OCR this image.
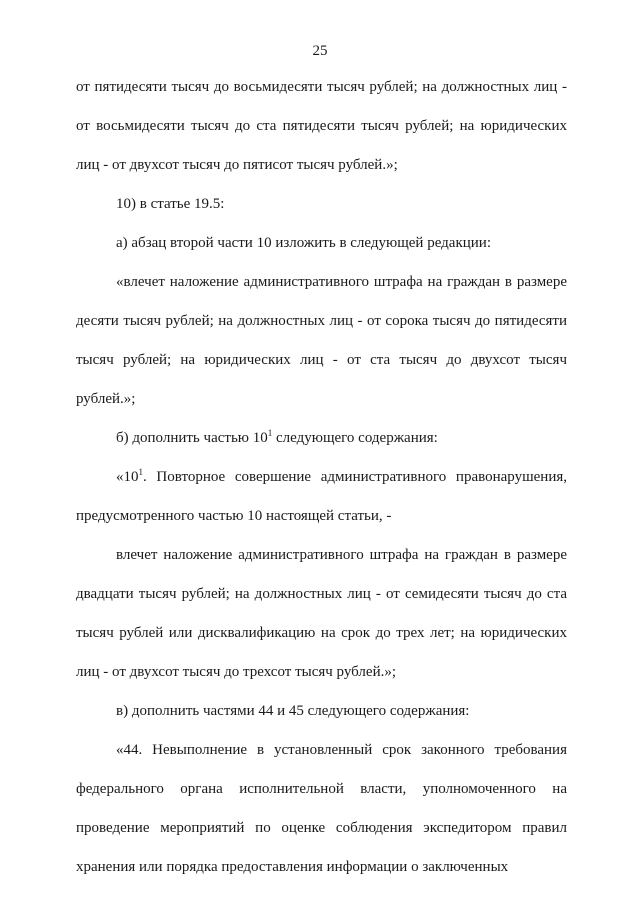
25

от пятидесяти тысяч до восьмидесяти тысяч рублей; на должностных лиц - от восьмидесяти тысяч до ста пятидесяти тысяч рублей; на юридических лиц - от двухсот тысяч до пятисот тысяч рублей.»;

10) в статье 19.5:

а) абзац второй части 10 изложить в следующей редакции:

«влечет наложение административного штрафа на граждан в размере десяти тысяч рублей; на должностных лиц - от сорока тысяч до пятидесяти тысяч рублей; на юридических лиц - от ста тысяч до двухсот тысяч рублей.»;

б) дополнить частью $10^1$ следующего содержания:

«$10^1$. Повторное совершение административного правонарушения, предусмотренного частью 10 настоящей статьи, -

влечет наложение административного штрафа на граждан в размере двадцати тысяч рублей; на должностных лиц - от семидесяти тысяч до ста тысяч рублей или дисквалификацию на срок до трех лет; на юридических лиц - от двухсот тысяч до трехсот тысяч рублей.»;

в) дополнить частями 44 и 45 следующего содержания:

«44. Невыполнение в установленный срок законного требования федерального органа исполнительной власти, уполномоченного на проведение мероприятий по оценке соблюдения экспедитором правил хранения или порядка предоставления информации о заключенных
